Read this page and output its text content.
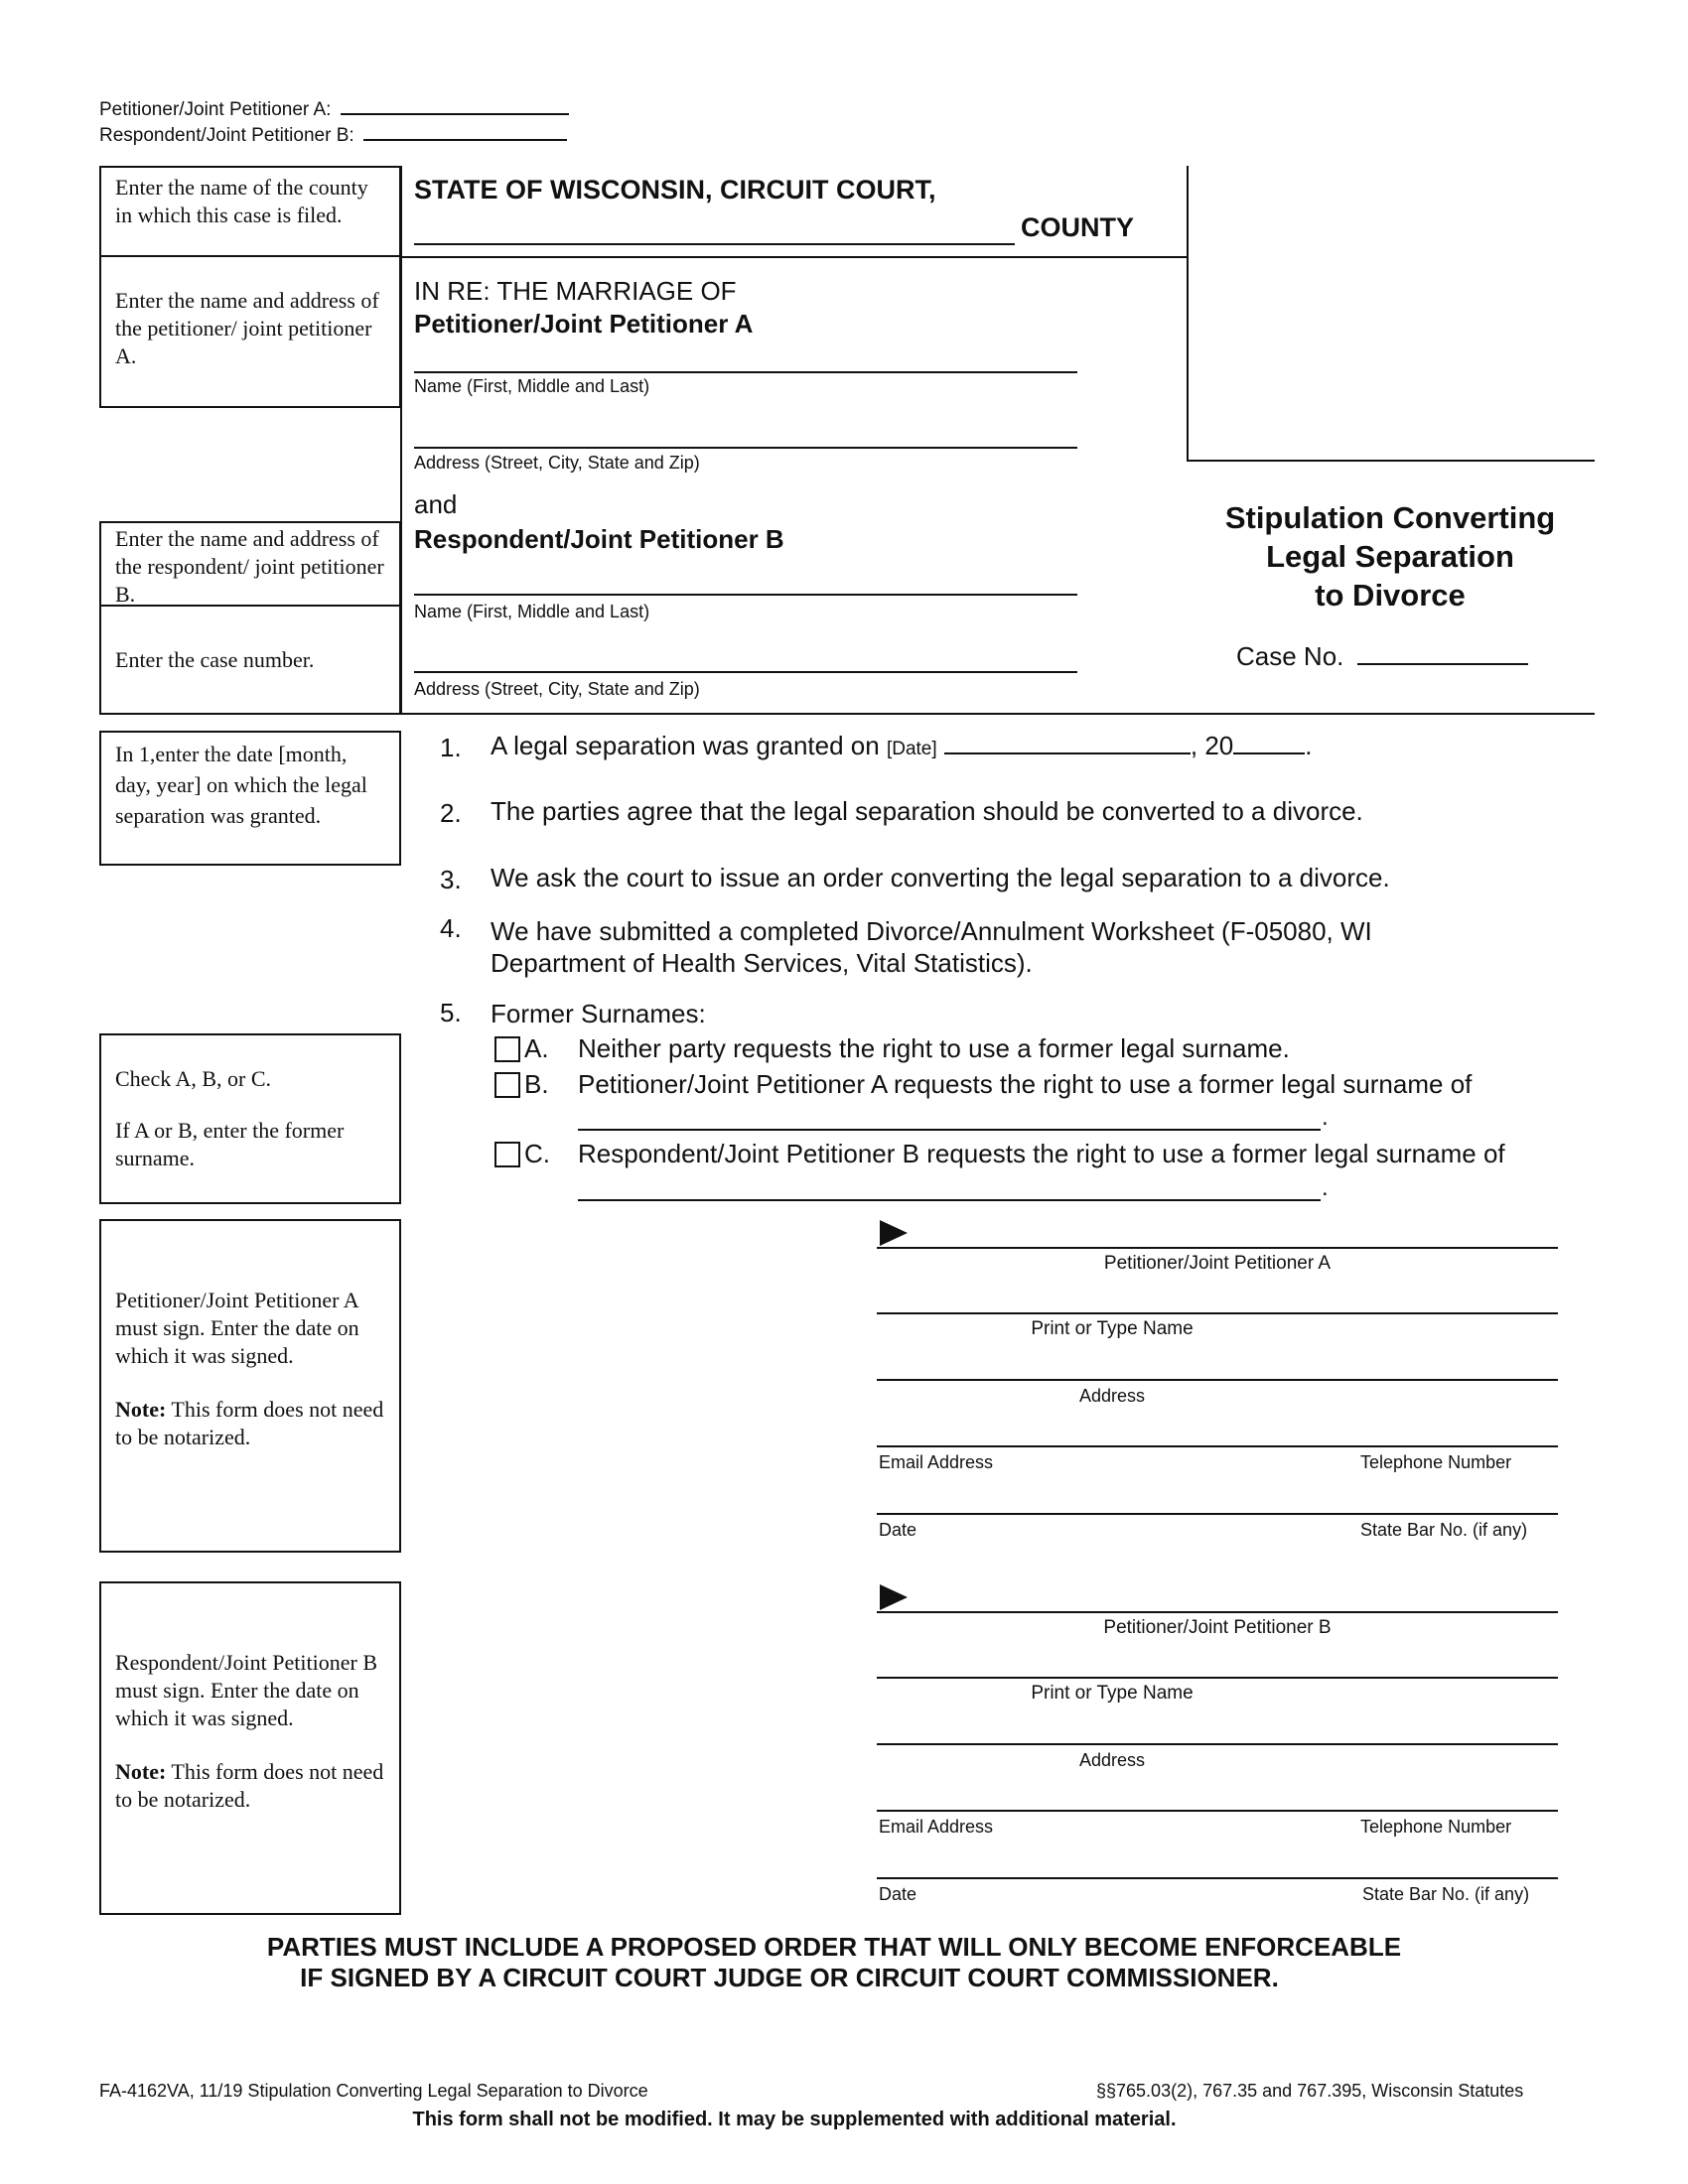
Petitioner/Joint Petitioner A:
Respondent/Joint Petitioner B:
Enter the name of the county in which this case is filed.
Enter the name and address of the petitioner/ joint petitioner A.
Enter the name and address of the respondent/ joint petitioner B.
Enter the case number.
In 1,enter the date [month, day, year] on which the legal separation was granted.
Check A, B, or C.
If A or B, enter the former surname.
Petitioner/Joint Petitioner A must sign. Enter the date on which it was signed.
Note: This form does not need to be notarized.
Respondent/Joint Petitioner B must sign. Enter the date on which it was signed.
Note: This form does not need to be notarized.
STATE OF WISCONSIN, CIRCUIT COURT,
COUNTY
IN RE: THE MARRIAGE OF
Petitioner/Joint Petitioner A
Name (First, Middle and Last)
Address (Street, City, State and Zip)
and
Respondent/Joint Petitioner B
Name (First, Middle and Last)
Address (Street, City, State and Zip)
Stipulation Converting
Legal Separation
to Divorce
Case No.
1. A legal separation was granted on [Date]	, 20	.
2. The parties agree that the legal separation should be converted to a divorce.
3. We ask the court to issue an order converting the legal separation to a divorce.
4. We have submitted a completed Divorce/Annulment Worksheet (F-05080, WI
Department of Health Services, Vital Statistics).
5. Former Surnames:
A. Neither party requests the right to use a former legal surname.
B. Petitioner/Joint Petitioner A requests the right to use a former legal surname of
.
C. Respondent/Joint Petitioner B requests the right to use a former legal surname of
.
Petitioner/Joint Petitioner A
Print or Type Name
Address
Email Address	Telephone Number
Date	State Bar No. (if any)
Petitioner/Joint Petitioner B
Print or Type Name
Address
Email Address	Telephone Number
Date	State Bar No. (if any)
PARTIES MUST INCLUDE A PROPOSED ORDER THAT WILL ONLY BECOME ENFORCEABLE
IF SIGNED BY A CIRCUIT COURT JUDGE OR CIRCUIT COURT COMMISSIONER.
FA-4162VA, 11/19 Stipulation Converting Legal Separation to Divorce	§§765.03(2), 767.35 and 767.395, Wisconsin Statutes
This form shall not be modified. It may be supplemented with additional material.
